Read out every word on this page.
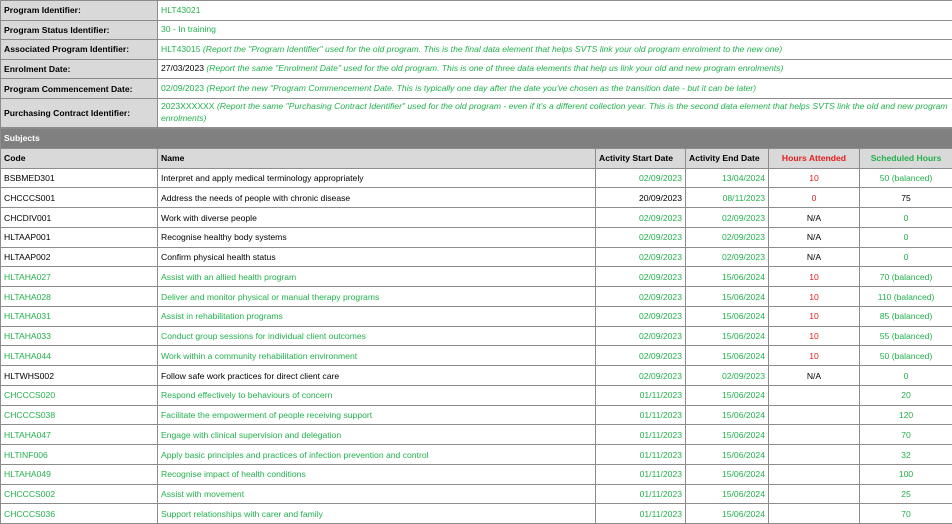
Program Identifier:	HLT43021
Program Status Identifier:	30 - In training
Associated Program Identifier:	HLT43015 (Report the "Program Identifier" used for the old program. This is the final data element that helps SVTS link your old program enrolment to the new one)
Enrolment Date:	27/03/2023 (Report the same "Enrolment Date" used for the old program. This is one of three data elements that help us link your old and new program enrolments)
Program Commencement Date:	02/09/2023 (Report the new "Program Commencement Date. This is typically one day after the date you've chosen as the transition date - but it can be later)
Purchasing Contract Identifier:	2023XXXXXX (Report the same "Purchasing Contract Identifier" used for the old program - even if it's a different collection year. This is the second data element that helps SVTS link the old and new program enrolments)
Subjects					
Code	Name	Activity Start Date	Activity End Date	Hours Attended	Scheduled Hours
BSBMED301	Interpret and apply medical terminology appropriately	02/09/2023	13/04/2024	10	50 (balanced)
CHCCCS001	Address the needs of people with chronic disease	20/09/2023	08/11/2023	0	75
CHCDIV001	Work with diverse people	02/09/2023	02/09/2023	N/A	0
HLTAAP001	Recognise healthy body systems	02/09/2023	02/09/2023	N/A	0
HLTAAP002	Confirm physical health status	02/09/2023	02/09/2023	N/A	0
HLTAHA027	Assist with an allied health program	02/09/2023	15/06/2024	10	70 (balanced)
HLTAHA028	Deliver and monitor physical or manual therapy programs	02/09/2023	15/06/2024	10	110 (balanced)
HLTAHA031	Assist in rehabilitation programs	02/09/2023	15/06/2024	10	85 (balanced)
HLTAHA033	Conduct group sessions for individual client outcomes	02/09/2023	15/06/2024	10	55 (balanced)
HLTAHA044	Work within a community rehabilitation environment	02/09/2023	15/06/2024	10	50 (balanced)
HLTWHS002	Follow safe work practices for direct client care	02/09/2023	02/09/2023	N/A	0
CHCCCS020	Respond effectively to behaviours of concern	01/11/2023	15/06/2024		20
CHCCCS038	Facilitate the empowerment of people receiving support	01/11/2023	15/06/2024		120
HLTAHA047	Engage with clinical supervision and delegation	01/11/2023	15/06/2024		70
HLTINF006	Apply basic principles and practices of infection prevention and control	01/11/2023	15/06/2024		32
HLTAHA049	Recognise impact of health conditions	01/11/2023	15/06/2024		100
CHCCCS002	Assist with movement	01/11/2023	15/06/2024		25
CHCCCS036	Support relationships with carer and family	01/11/2023	15/06/2024		70
